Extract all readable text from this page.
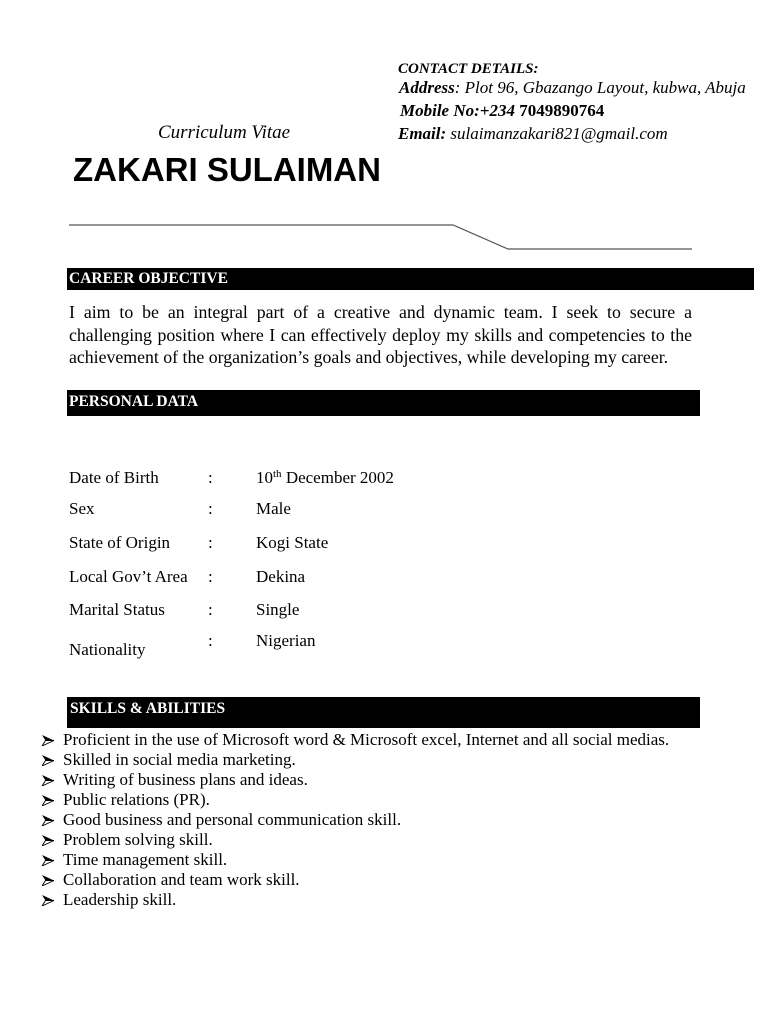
CONTACT DETAILS:
Address: Plot 96, Gbazango Layout, kubwa, Abuja
Mobile No:+234 7049890764
Email: sulaimanzakari821@gmail.com
Curriculum Vitae
ZAKARI SULAIMAN
CAREER OBJECTIVE
I aim to be an integral part of a creative and dynamic team. I seek to secure a challenging position where I can effectively deploy my skills and competencies to the achievement of the organization’s goals and objectives, while developing my career.
PERSONAL DATA
Date of Birth	:	10th December 2002
Sex	:	Male
State of Origin :	Kogi State
Local Gov’t Area :	Dekina
Marital Status	:	Single
Nationality	:	Nigerian
SKILLS & ABILITIES
Proficient in the use of Microsoft word & Microsoft excel, Internet and all social medias.
Skilled in social media marketing.
Writing of business plans and ideas.
Public relations (PR).
Good business and personal communication skill.
Problem solving skill.
Time management skill.
Collaboration and team work skill.
Leadership skill.
